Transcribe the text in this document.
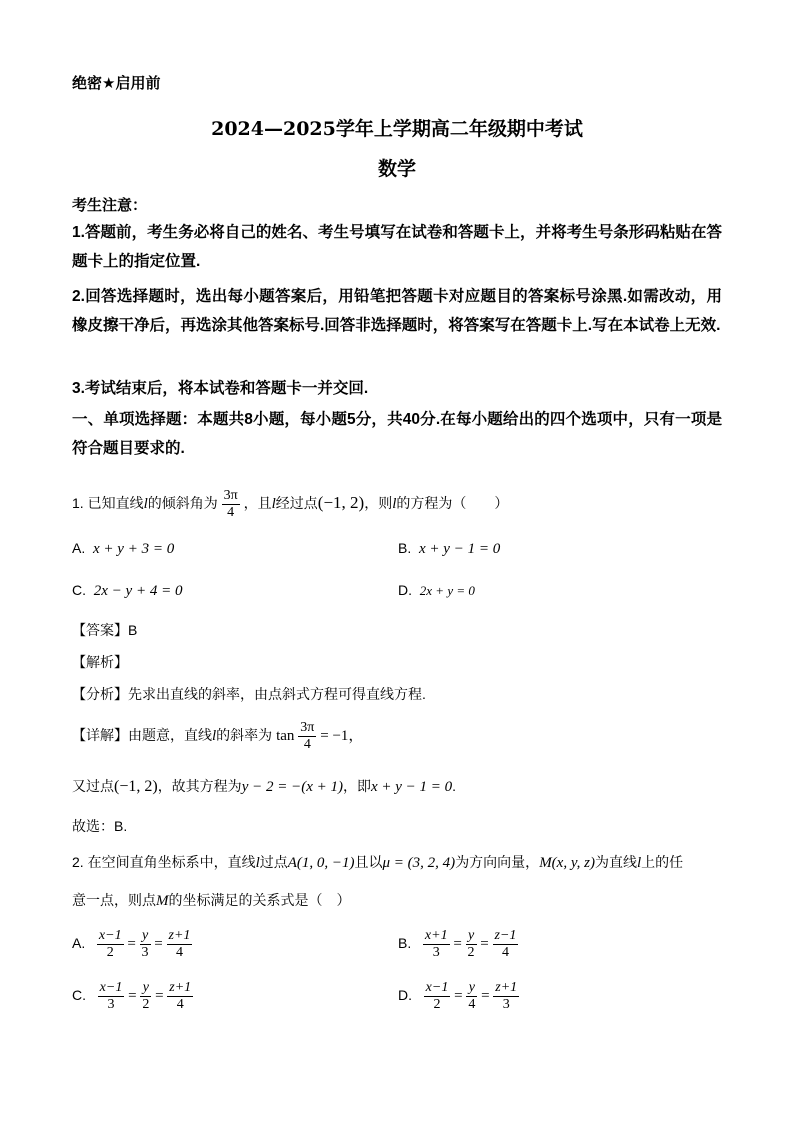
绝密★启用前
2024—2025学年上学期高二年级期中考试
数学
考生注意：
1.答题前，考生务必将自己的姓名、考生号填写在试卷和答题卡上，并将考生号条形码粘贴在答题卡上的指定位置.
2.回答选择题时，选出每小题答案后，用铅笔把答题卡对应题目的答案标号涂黑.如需改动，用橡皮擦干净后，再选涂其他答案标号.回答非选择题时，将答案写在答题卡上.写在本试卷上无效.
3.考试结束后，将本试卷和答题卡一并交回.
一、单项选择题：本题共8小题，每小题5分，共40分.在每小题给出的四个选项中，只有一项是符合题目要求的.
1. 已知直线l的倾斜角为 $\frac{3\pi}{4}$ ，且l经过点(−1, 2)，则l的方程为（　　）
A. x + y + 3 = 0	B. x + y − 1 = 0
C. 2x − y + 4 = 0	D. 2x + y = 0
【答案】B
【解析】
【分析】先求出直线的斜率，由点斜式方程可得直线方程.
【详解】由题意，直线l的斜率为 $\tan \frac{3\pi}{4} = -1$，
又过点(−1, 2)，故其方程为y − 2 = −(x + 1)，即x + y − 1 = 0.
故选：B.
2. 在空间直角坐标系中，直线l过点A(1, 0, −1)且以μ = (3, 2, 4)为方向向量，M(x, y, z)为直线l上的任
意一点，则点M的坐标满足的关系式是（　）
A. $\frac{x-1}{2} = \frac{y}{3} = \frac{z+1}{4}$	B. $\frac{x+1}{3} = \frac{y}{2} = \frac{z-1}{4}$
C. $\frac{x-1}{3} = \frac{y}{2} = \frac{z+1}{4}$	D. $\frac{x-1}{2} = \frac{y}{4} = \frac{z+1}{3}$
